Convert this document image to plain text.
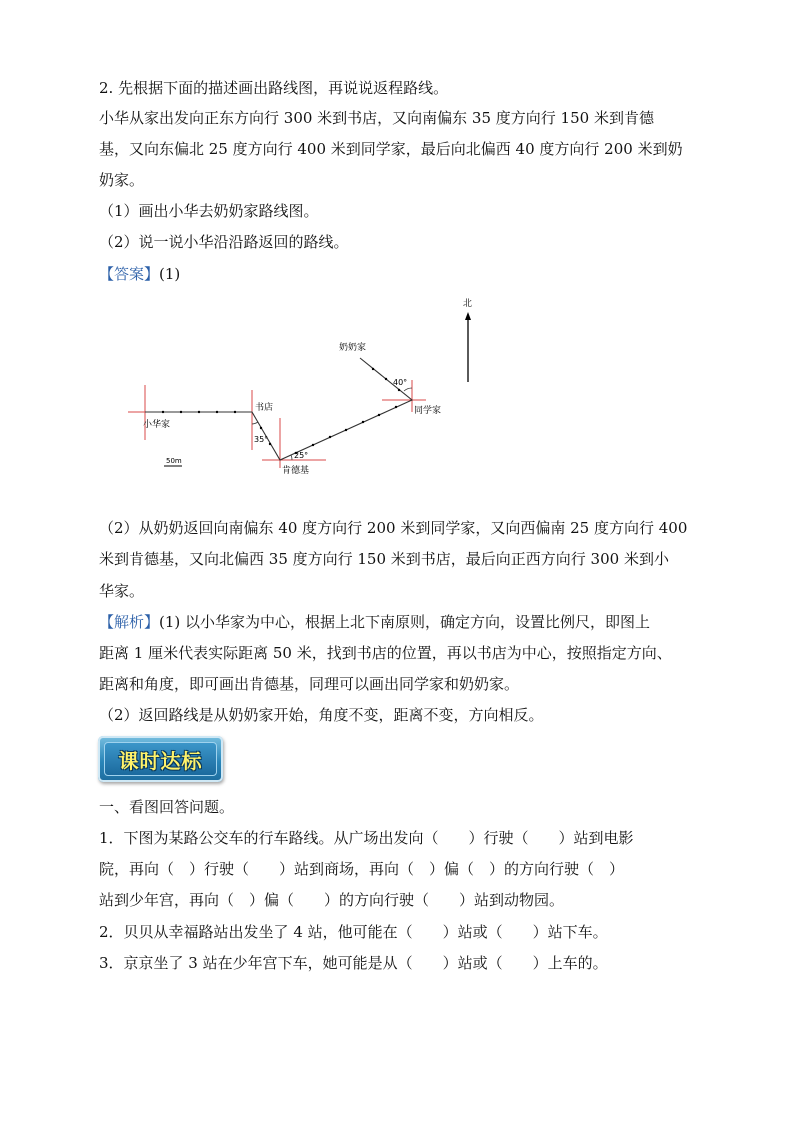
2. 先根据下面的描述画出路线图，再说说返程路线。
小华从家出发向正东方向行 300 米到书店，又向南偏东 35 度方向行 150 米到肯德
基，又向东偏北 25 度方向行 400 米到同学家，最后向北偏西 40 度方向行 200 米到奶
奶家。
（1）画出小华去奶奶家路线图。
（2）说一说小华沿沿路返回的路线。
【答案】(1)
北
小华家
书店
肯德基
同学家
奶奶家
35°
25°
40°
50m
（2）从奶奶返回向南偏东 40 度方向行 200 米到同学家，又向西偏南 25 度方向行 400
米到肯德基，又向北偏西 35 度方向行 150 米到书店，最后向正西方向行 300 米到小
华家。
【解析】(1) 以小华家为中心，根据上北下南原则，确定方向，设置比例尺，即图上
距离 1 厘米代表实际距离 50 米，找到书店的位置，再以书店为中心，按照指定方向、
距离和角度，即可画出肯德基，同理可以画出同学家和奶奶家。
（2）返回路线是从奶奶家开始，角度不变，距离不变，方向相反。
课时达标
一、看图回答问题。
1．下图为某路公交车的行车路线。从广场出发向（　　）行驶（　　）站到电影
院，再向（　）行驶（　　）站到商场，再向（　）偏（　）的方向行驶（　）
站到少年宫，再向（　）偏（　　）的方向行驶（　　）站到动物园。
2．贝贝从幸福路站出发坐了 4 站，他可能在（　　）站或（　　）站下车。
3．京京坐了 3 站在少年宫下车，她可能是从（　　）站或（　　）上车的。
